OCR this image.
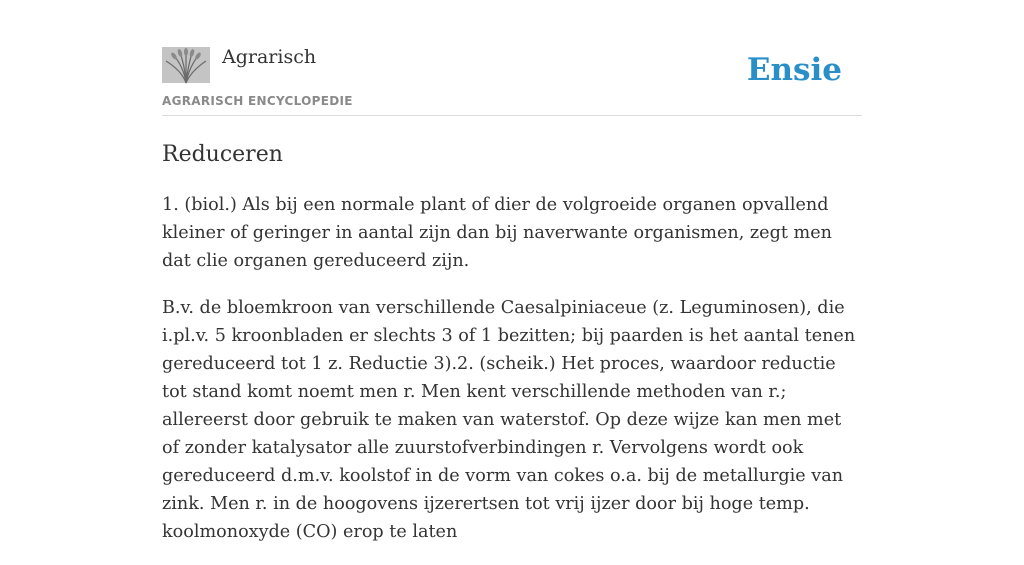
Agrarisch
AGRARISCH ENCYCLOPEDIE
Ensie
Reduceren

1. (biol.) Als bij een normale plant of dier de volgroeide organen opvallend kleiner of geringer in aantal zijn dan bij naverwante organismen, zegt men dat clie organen gereduceerd zijn.

B.v. de bloemkroon van verschillende Caesalpiniaceue (z. Leguminosen), die i.pl.v. 5 kroonbladen er slechts 3 of 1 bezitten; bij paarden is het aantal tenen gereduceerd tot 1 z. Reductie 3).2. (scheik.) Het proces, waardoor reductie tot stand komt noemt men r. Men kent verschillende methoden van r.; allereerst door gebruik te maken van waterstof. Op deze wijze kan men met of zonder katalysator alle zuurstofverbindingen r. Vervolgens wordt ook gereduceerd d.m.v. koolstof in de vorm van cokes o.a. bij de metallurgie van zink. Men r. in de hoogovens ijzerertsen tot vrij ijzer door bij hoge temp. koolmonoxyde (CO) erop te laten
